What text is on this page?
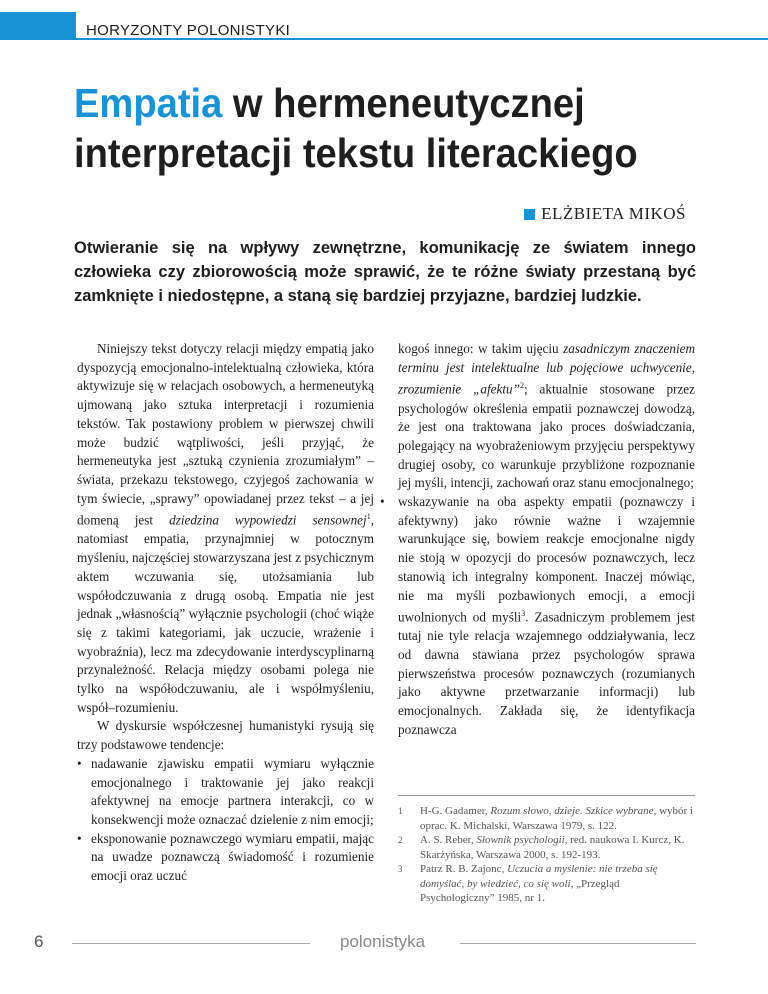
HORYZONTY POLONISTYKI
Empatia w hermeneutycznej interpretacji tekstu literackiego
ELŻBIETA MIKOŚ

Otwieranie się na wpływy zewnętrzne, komunikację ze światem innego człowieka czy zbiorowością może sprawić, że te różne światy przestaną być zamknięte i niedostępne, a staną się bardziej przyjazne, bardziej ludzkie.

Niniejszy tekst dotyczy relacji między empatią jako dyspozycją emocjonalno-intelektualną człowieka, która aktywizuje się w relacjach osobowych, a hermeneutyką ujmowaną jako sztuka interpretacji i rozumienia tekstów. Tak postawiony problem w pierwszej chwili może budzić wątpliwości, jeśli przyjąć, że hermeneutyka jest „sztuką czynienia zrozumiałym” – świata, przekazu tekstowego, czyjegoś zachowania w tym świecie, „sprawy” opowiadanej przez tekst – a jej domeną jest dziedzina wypowiedzi sensownej$^1$, natomiast empatia, przynajmniej w potocznym myśleniu, najczęściej stowarzyszana jest z psychicznym aktem wczuwania się, utożsamiania lub współodczuwania z drugą osobą. Empatia nie jest jednak „własnością” wyłącznie psychologii (choć wiąże się z takimi kategoriami, jak uczucie, wrażenie i wyobraźnia), lecz ma zdecydowanie interdyscyplinarną przynależność. Relacja między osobami polega nie tylko na współodczuwaniu, ale i współmyśleniu, współ–rozumieniu.

W dyskursie współczesnej humanistyki rysują się trzy podstawowe tendencje:

• nadawanie zjawisku empatii wymiaru wyłącznie emocjonalnego i traktowanie jej jako reakcji afektywnej na emocje partnera interakcji, co w konsekwencji może oznaczać dzielenie z nim emocji;

• eksponowanie poznawczego wymiaru empatii, mając na uwadze poznawczą świadomość i rozumienie emocji oraz uczuć

kogoś innego: w takim ujęciu zasadniczym znaczeniem terminu jest intelektualne lub pojęciowe uchwycenie, zrozumienie „afektu”$^2$; aktualnie stosowane przez psychologów określenia empatii poznawczej dowodzą, że jest ona traktowana jako proces doświadczania, polegający na wyobrażeniowym przyjęciu perspektywy drugiej osoby, co warunkuje przybliżone rozpoznanie jej myśli, intencji, zachowań oraz stanu emocjonalnego;

• wskazywanie na oba aspekty empatii (poznawczy i afektywny) jako równie ważne i wzajemnie warunkujące się, bowiem reakcje emocjonalne nigdy nie stoją w opozycji do procesów poznawczych, lecz stanowią ich integralny komponent. Inaczej mówiąc, nie ma myśli pozbawionych emocji, a emocji uwolnionych od myśli$^3$. Zasadniczym problemem jest tutaj nie tyle relacja wzajemnego oddziaływania, lecz od dawna stawiana przez psychologów sprawa pierwszeństwa procesów poznawczych (rozumianych jako aktywne przetwarzanie informacji) lub emocjonalnych. Zakłada się, że identyfikacja poznawcza

1 H-G. Gadamer, Rozum słowo, dzieje. Szkice wybrane, wybór i oprac. K. Michalski, Warszawa 1979, s. 122.
2 A. S. Reber, Słownik psychologii, red. naukowa I. Kurcz, K. Skarżyńska, Warszawa 2000, s. 192-193.
3 Patrz R. B. Zajonc, Uczucia a myślenie: nie trzeba się domyślać, by wiedzieć, co się woli, „Przegląd Psychologiczny” 1985, nr 1.
6	polonistyka
